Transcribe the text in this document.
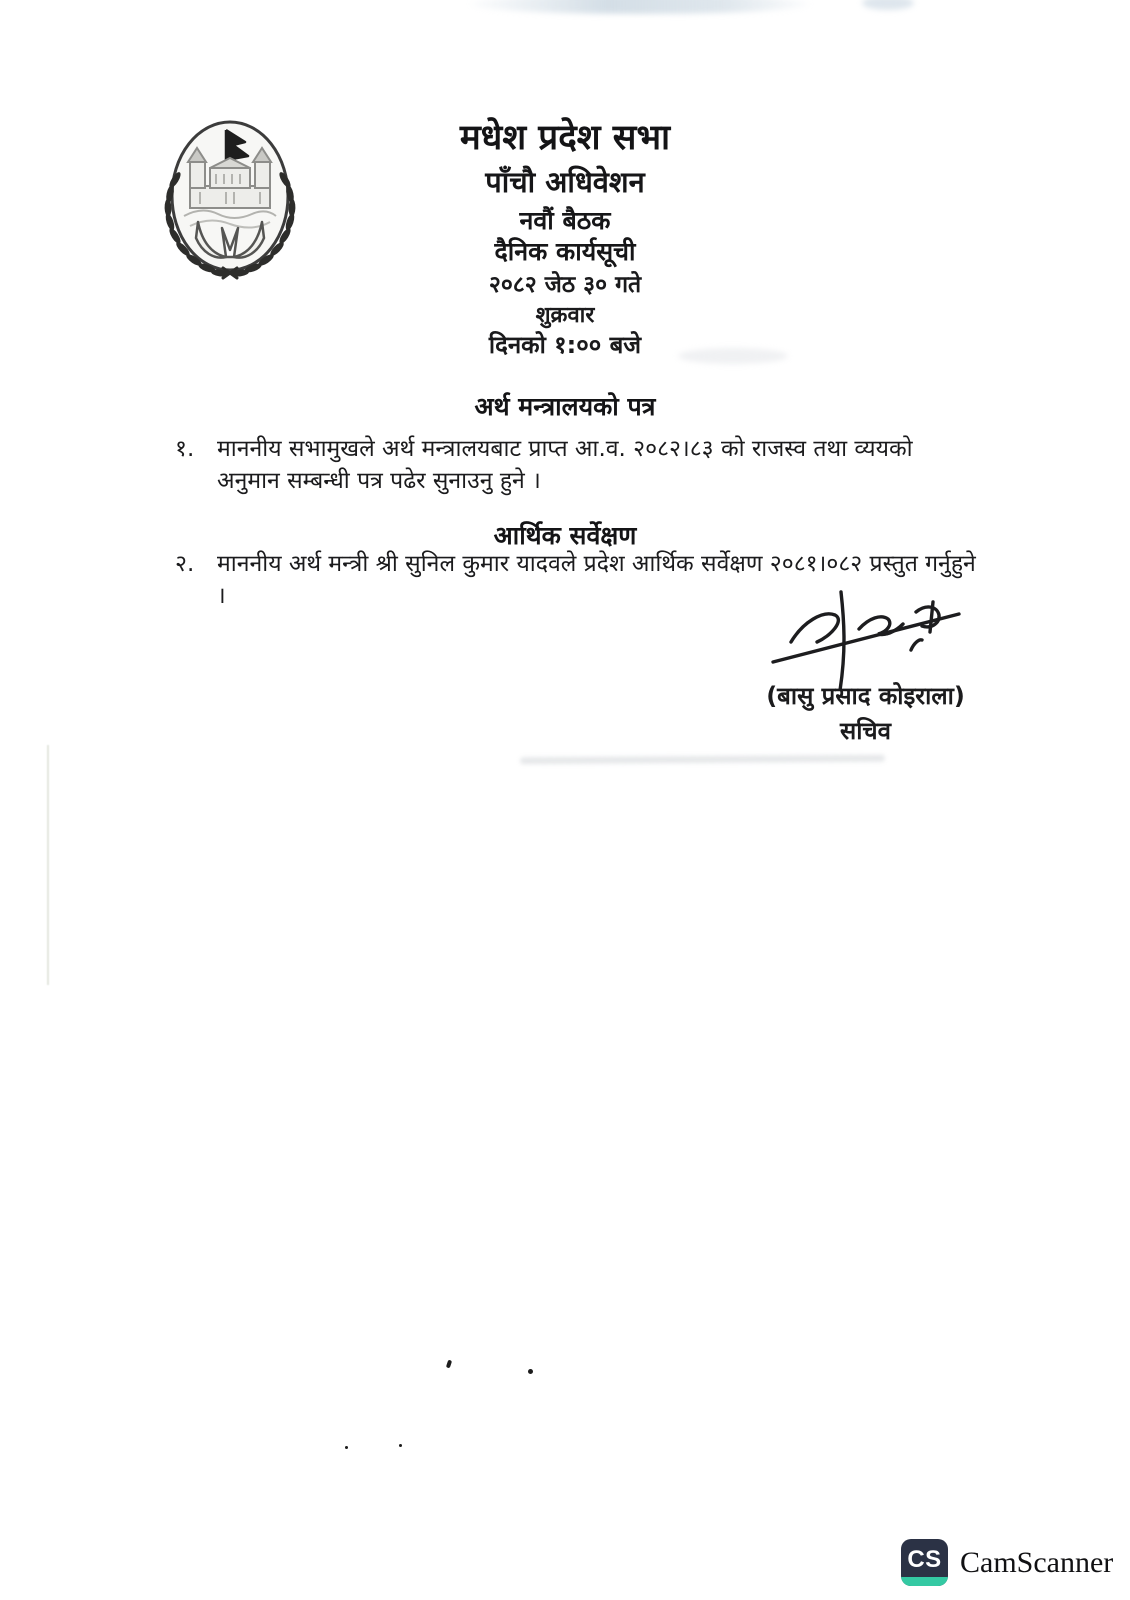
मधेश प्रदेश सभा
पाँचौ अधिवेशन
नवौं बैठक
दैनिक कार्यसूची
२०८२ जेठ ३० गते
शुक्रवार
दिनको १:०० बजे
अर्थ मन्त्रालयको पत्र
१. माननीय सभामुखले अर्थ मन्त्रालयबाट प्राप्त आ.व. २०८२।८३ को राजस्व तथा व्ययको अनुमान सम्बन्धी पत्र पढेर सुनाउनु हुने ।
आर्थिक सर्वेक्षण
२. माननीय अर्थ मन्त्री श्री सुनिल कुमार यादवले प्रदेश आर्थिक सर्वेक्षण २०८१।०८२ प्रस्तुत गर्नुहुने ।
(बासु प्रसाद कोइराला)
सचिव
CS CamScanner
